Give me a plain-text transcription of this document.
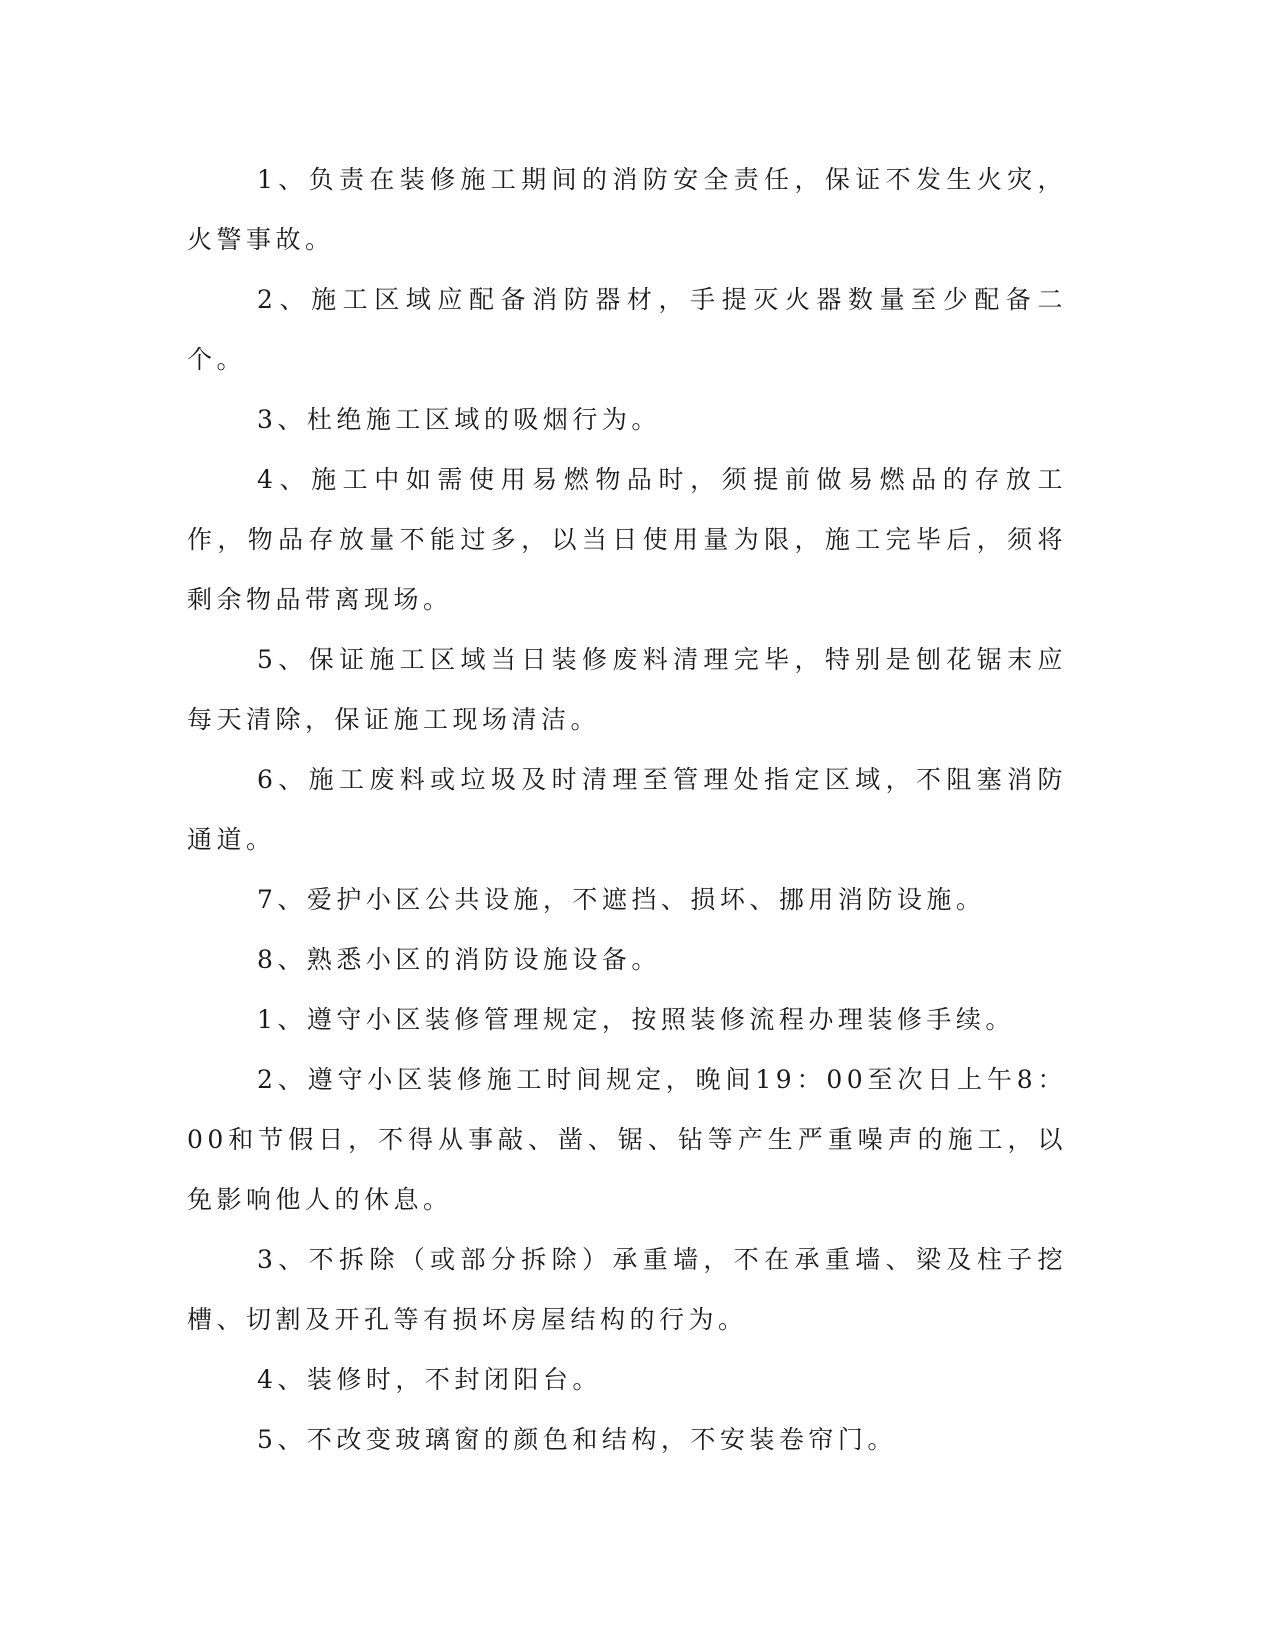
1、负责在装修施工期间的消防安全责任，保证不发生火灾，火警事故。

2、施工区域应配备消防器材，手提灭火器数量至少配备二个。

3、杜绝施工区域的吸烟行为。

4、施工中如需使用易燃物品时，须提前做易燃品的存放工作，物品存放量不能过多，以当日使用量为限，施工完毕后，须将剩余物品带离现场。

5、保证施工区域当日装修废料清理完毕，特别是刨花锯末应每天清除，保证施工现场清洁。

6、施工废料或垃圾及时清理至管理处指定区域，不阻塞消防通道。

7、爱护小区公共设施，不遮挡、损坏、挪用消防设施。

8、熟悉小区的消防设施设备。

1、遵守小区装修管理规定，按照装修流程办理装修手续。

2、遵守小区装修施工时间规定，晚间19：00至次日上午8：00和节假日，不得从事敲、凿、锯、钻等产生严重噪声的施工，以免影响他人的休息。

3、不拆除（或部分拆除）承重墙，不在承重墙、梁及柱子挖槽、切割及开孔等有损坏房屋结构的行为。

4、装修时，不封闭阳台。

5、不改变玻璃窗的颜色和结构，不安装卷帘门。
